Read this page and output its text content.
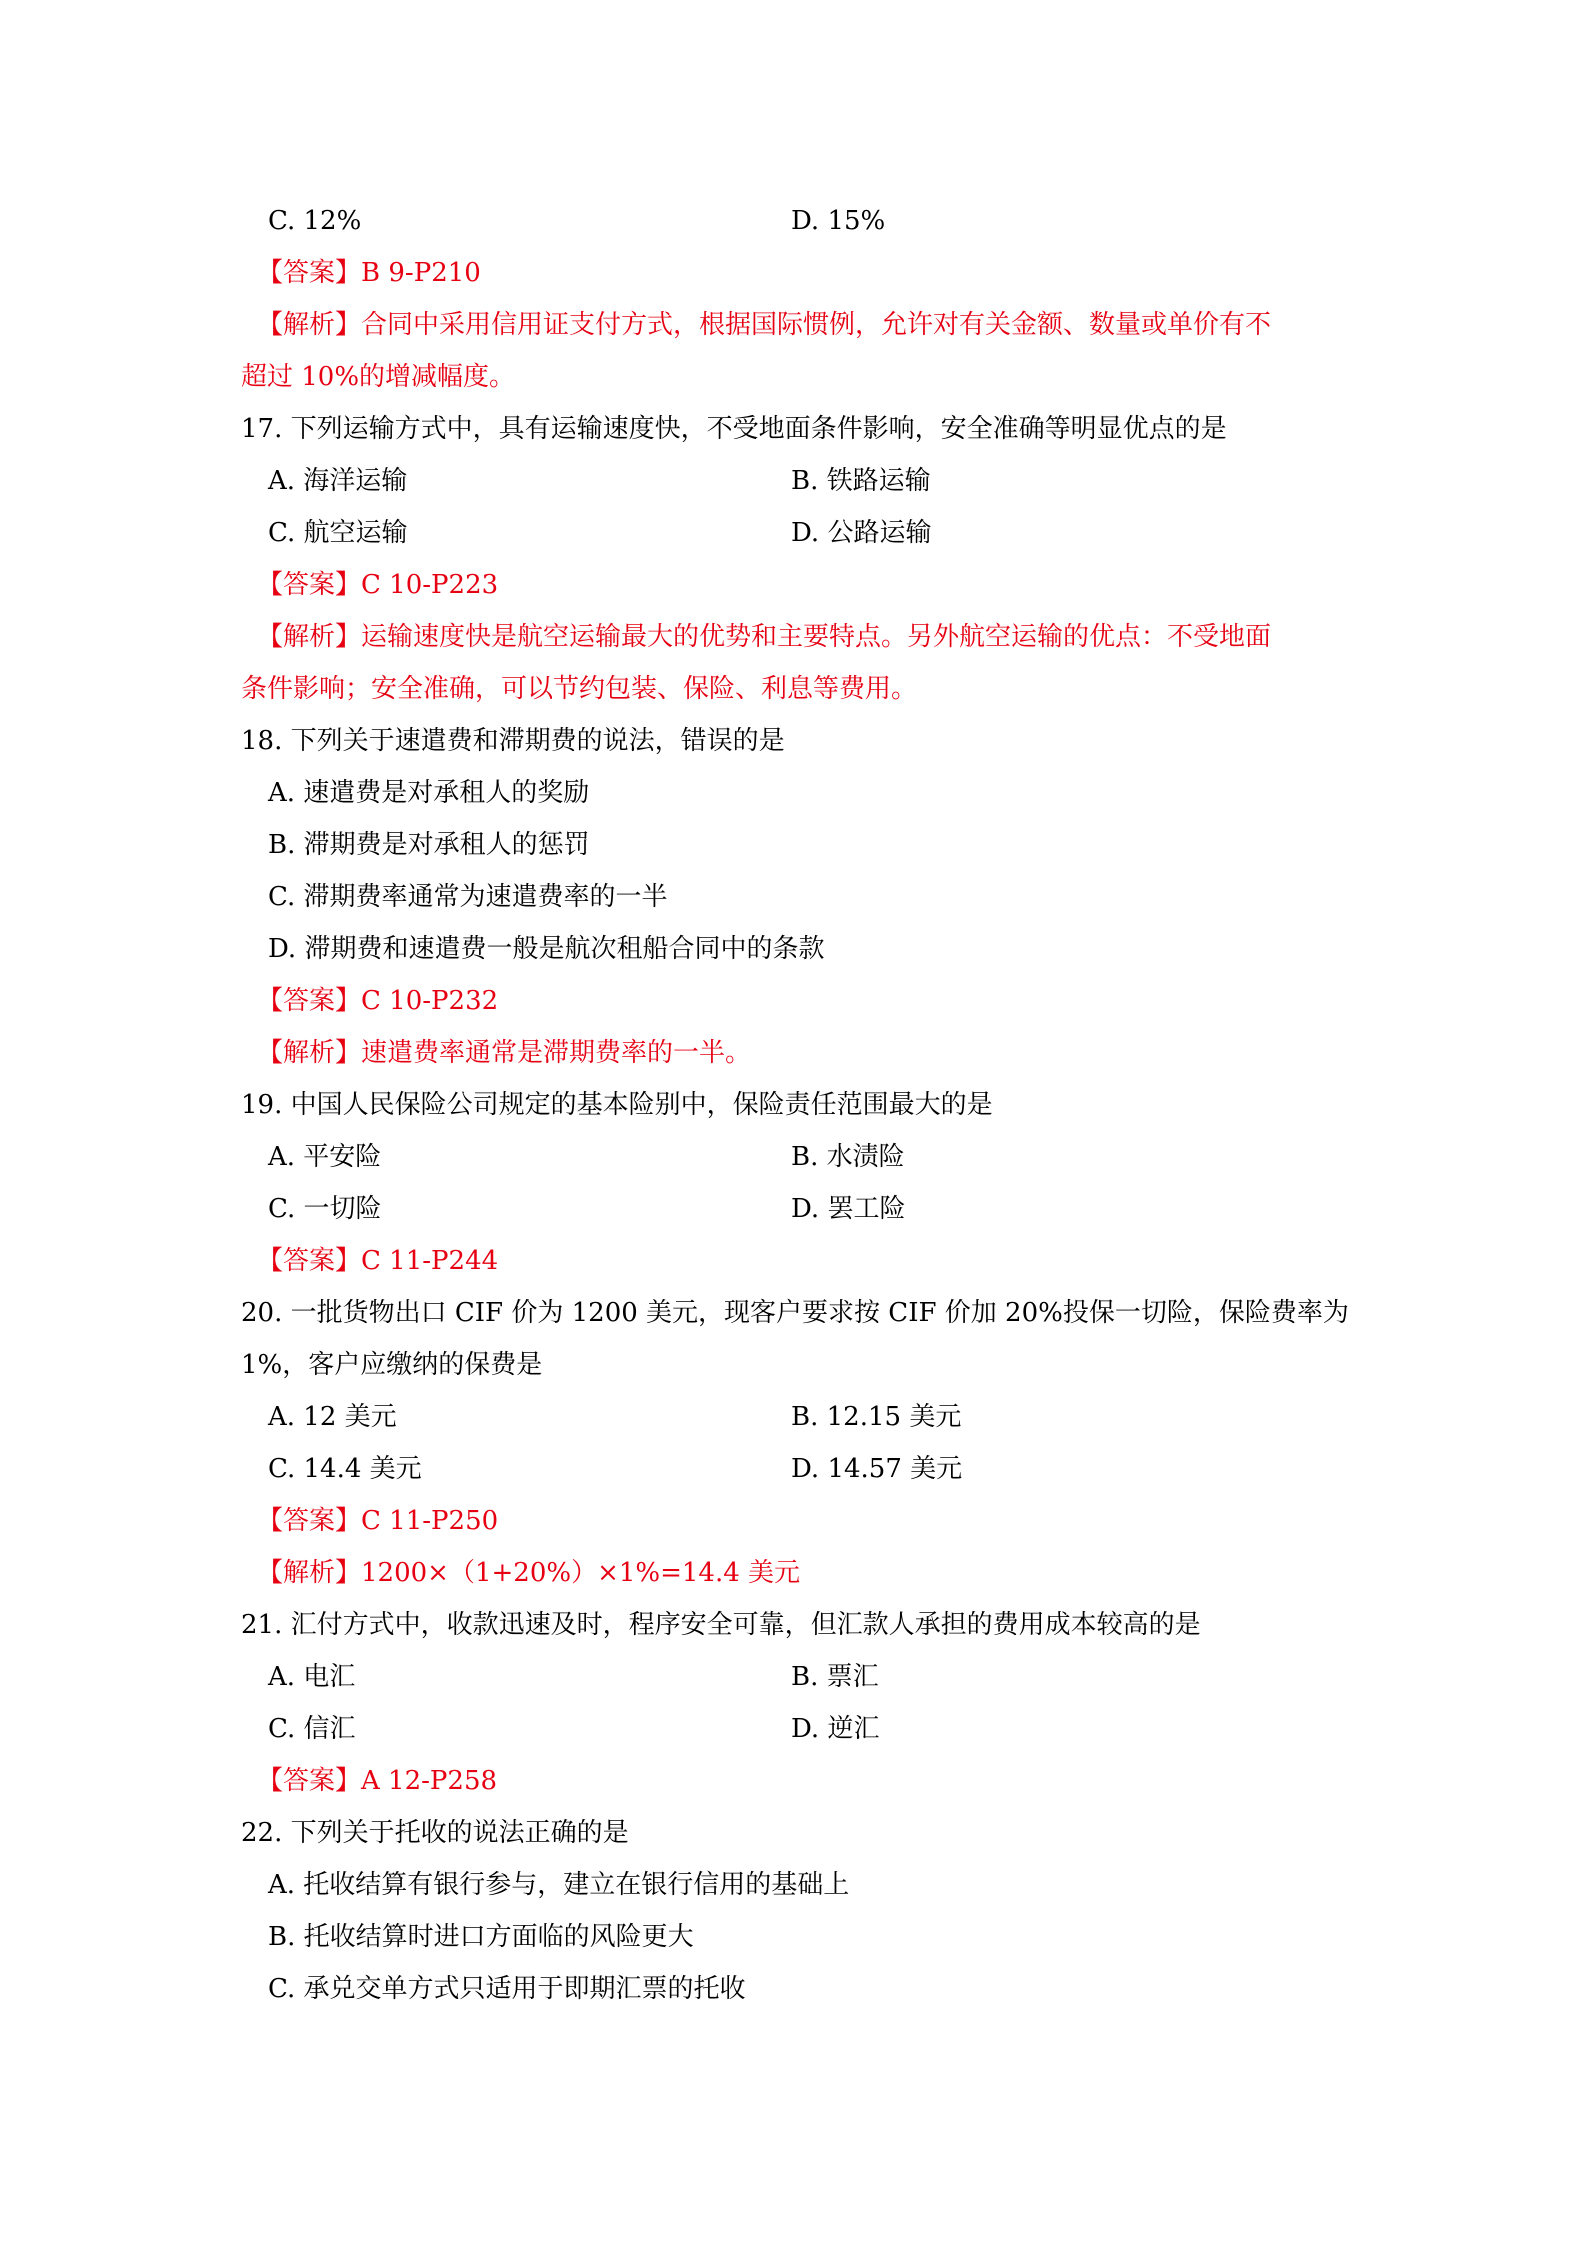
C. 12%	D. 15%
【答案】B 9-P210
【解析】合同中采用信用证支付方式，根据国际惯例，允许对有关金额、数量或单价有不
超过 10%的增减幅度。
17. 下列运输方式中，具有运输速度快，不受地面条件影响，安全准确等明显优点的是
A. 海洋运输	B. 铁路运输
C. 航空运输	D. 公路运输
【答案】C 10-P223
【解析】运输速度快是航空运输最大的优势和主要特点。另外航空运输的优点：不受地面
条件影响；安全准确，可以节约包装、保险、利息等费用。
18. 下列关于速遣费和滞期费的说法，错误的是
A. 速遣费是对承租人的奖励
B. 滞期费是对承租人的惩罚
C. 滞期费率通常为速遣费率的一半
D. 滞期费和速遣费一般是航次租船合同中的条款
【答案】C 10-P232
【解析】速遣费率通常是滞期费率的一半。
19. 中国人民保险公司规定的基本险别中，保险责任范围最大的是
A. 平安险	B. 水渍险
C. 一切险	D. 罢工险
【答案】C 11-P244
20. 一批货物出口 CIF 价为 1200 美元，现客户要求按 CIF 价加 20%投保一切险，保险费率为
1%，客户应缴纳的保费是
A. 12 美元	B. 12.15 美元
C. 14.4 美元	D. 14.57 美元
【答案】C 11-P250
【解析】1200×（1+20%）×1%=14.4 美元
21. 汇付方式中，收款迅速及时，程序安全可靠，但汇款人承担的费用成本较高的是
A. 电汇	B. 票汇
C. 信汇	D. 逆汇
【答案】A 12-P258
22. 下列关于托收的说法正确的是
A. 托收结算有银行参与，建立在银行信用的基础上
B. 托收结算时进口方面临的风险更大
C. 承兑交单方式只适用于即期汇票的托收
